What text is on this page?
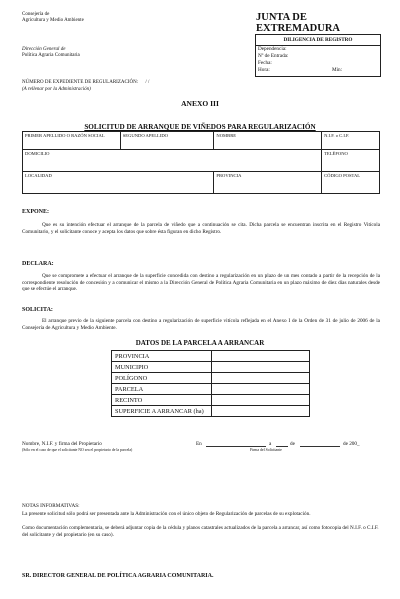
Consejería de
Agricultura y Medio Ambiente
Dirección General de
Política Agraria Comunitaria
JUNTA DE
EXTREMADURA
DILIGENCIA DE REGISTRO
Dependencia:
Nº de Entrada:
Fecha:
Hora:	Min:
NÚMERO DE EXPEDIENTE DE REGULARIZACIÓN: / /
(A rellenar por la Administración)
ANEXO III
SOLICITUD DE ARRANQUE DE VIÑEDOS PARA REGULARIZACIÓN
PRIMER APELLIDO O RAZÓN SOCIAL	SEGUNDO APELLIDO	NOMBRE	N.I.F. o C.I.F.
DOMICILIO			TELÉFONO
LOCALIDAD		PROVINCIA	CÓDIGO POSTAL
EXPONE:
Que es su intención efectuar el arranque de la parcela de viñedo que a continuación se cita. Dicha parcela se encuentran inscrita en el Registro Vitícola Comunitario, y el solicitante conoce y acepta los datos que sobre ésta figuran en dicho Registro.
DECLARA:
Que se compromete a efectuar el arranque de la superficie concedida con destino a regularización en un plazo de un mes contado a partir de la recepción de la correspondiente resolución de concesión y a comunicar el mismo a la Dirección General de Política Agraria Comunitaria en un plazo máximo de diez días naturales desde que se efectúe el arranque.
SOLICITA:
El arranque previo de la siguiente parcela con destino a regularización de superficie vitícola reflejada en el Anexo I de la Orden de 31 de julio de 2006 de la Consejería de Agricultura y Medio Ambiente.
DATOS DE LA PARCELA A ARRANCAR
PROVINCIA	
MUNICIPIO	
POLÍGONO	
PARCELA	
RECINTO	
SUPERFICIE A ARRANCAR (ha)	
Nombre, N.I.F. y firma del Propietario
(Sólo en el caso de que el solicitante NO sea el propietario de la parcela)
En	a	de	de 200_
Firma del Solicitante
NOTAS INFORMATIVAS:
La presente solicitud sólo podrá ser presentada ante la Administración con el único objeto de Regularización de parcelas de su explotación.
Como documentación complementaria, se deberá adjuntar copia de la cédula y planos catastrales actualizados de la parcela a arrancar, así como fotocopia del N.I.F. o C.I.F. del solicitante y del propietario (en su caso).
SR. DIRECTOR GENERAL DE POLÍTICA AGRARIA COMUNITARIA.
